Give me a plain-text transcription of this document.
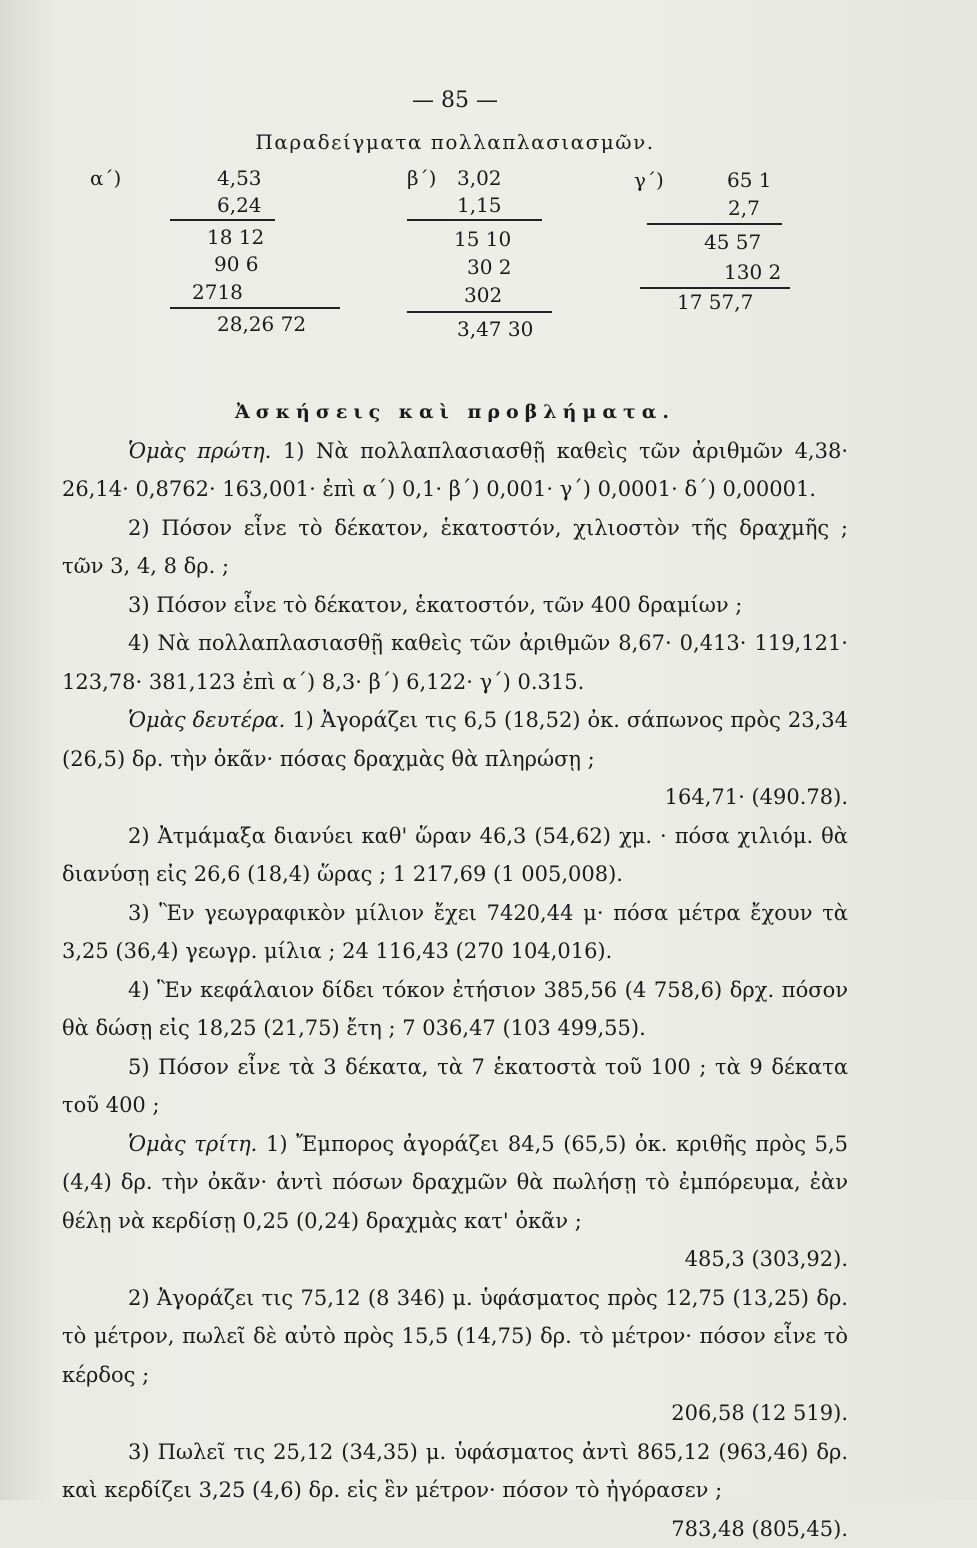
— 85 —
Παραδείγματα πολλαπλασιασμῶν.
α΄)	4,53
6,24
18 12
90 6
2718
28,26 72
β΄) 3,02
1,15
15 10
30 2
302
3,47 30
γ΄)	65 1
2,7
45 57
130 2
17 57,7
Ἀσκήσεις καὶ προβλήματα.

Ὁμὰς πρώτη. 1) Νὰ πολλαπλασιασθῇ καθεὶς τῶν ἀριθμῶν 4,38· 26,14· 0,8762· 163,001· ἐπὶ α΄) 0,1· β΄) 0,001· γ΄) 0,0001· δ΄) 0,00001.

2) Πόσον εἶνε τὸ δέκατον, ἑκατοστόν, χιλιοστὸν τῆς δραχμῆς ; τῶν 3, 4, 8 δρ. ;

3) Πόσον εἶνε τὸ δέκατον, ἑκατοστόν, τῶν 400 δραμίων ;

4) Νὰ πολλαπλασιασθῇ καθεὶς τῶν ἀριθμῶν 8,67· 0,413· 119,121· 123,78· 381,123 ἐπὶ α΄) 8,3· β΄) 6,122· γ΄) 0.315.

Ὁμὰς δευτέρα. 1) Ἀγοράζει τις 6,5 (18,52) ὀκ. σάπωνος πρὸς 23,34 (26,5) δρ. τὴν ὀκᾶν· πόσας δραχμὰς θὰ πληρώσῃ ;

164,71· (490.78).

2) Ἀτμάμαξα διανύει καθ' ὥραν 46,3 (54,62) χμ. · πόσα χιλιόμ. θὰ διανύσῃ εἰς 26,6 (18,4) ὥρας ; 1 217,69 (1 005,008).

3) Ἓν γεωγραφικὸν μίλιον ἔχει 7420,44 μ· πόσα μέτρα ἔχουν τὰ 3,25 (36,4) γεωγρ. μίλια ; 24 116,43 (270 104,016).

4) Ἓν κεφάλαιον δίδει τόκον ἐτήσιον 385,56 (4 758,6) δρχ. πόσον θὰ δώσῃ εἰς 18,25 (21,75) ἔτη ; 7 036,47 (103 499,55).

5) Πόσον εἶνε τὰ 3 δέκατα, τὰ 7 ἑκατοστὰ τοῦ 100 ; τὰ 9 δέκατα τοῦ 400 ;

Ὁμὰς τρίτη. 1) Ἔμπορος ἀγοράζει 84,5 (65,5) ὀκ. κριθῆς πρὸς 5,5 (4,4) δρ. τὴν ὀκᾶν· ἀντὶ πόσων δραχμῶν θὰ πωλήσῃ τὸ ἐμπόρευμα, ἐὰν θέλῃ νὰ κερδίσῃ 0,25 (0,24) δραχμὰς κατ' ὀκᾶν ;

485,3 (303,92).

2) Ἀγοράζει τις 75,12 (8 346) μ. ὑφάσματος πρὸς 12,75 (13,25) δρ. τὸ μέτρον, πωλεῖ δὲ αὐτὸ πρὸς 15,5 (14,75) δρ. τὸ μέτρον· πόσον εἶνε τὸ κέρδος ;

206,58 (12 519).

3) Πωλεῖ τις 25,12 (34,35) μ. ὑφάσματος ἀντὶ 865,12 (963,46) δρ. καὶ κερδίζει 3,25 (4,6) δρ. εἰς ἓν μέτρον· πόσον τὸ ἠγόρασεν ;

783,48 (805,45).
